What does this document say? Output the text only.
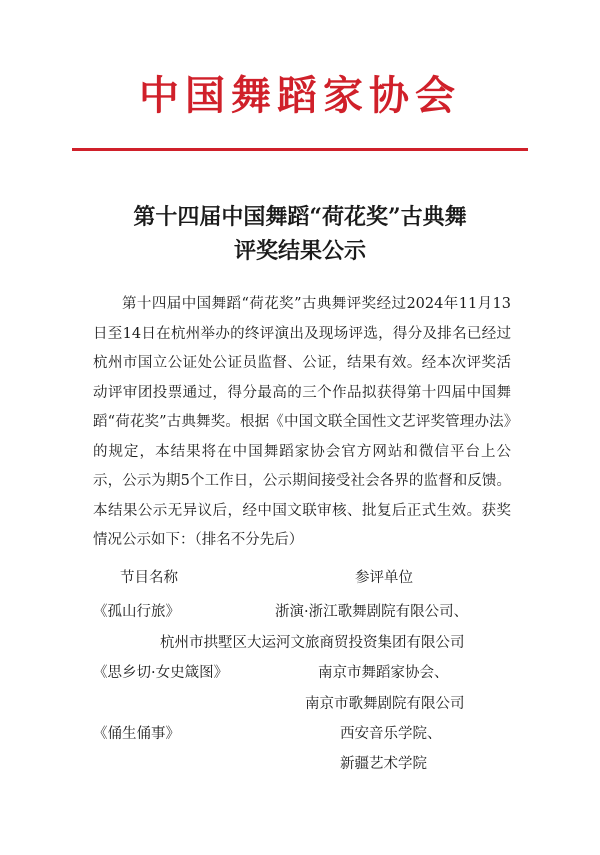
中国舞蹈家协会
第十四届中国舞蹈“荷花奖”古典舞
评奖结果公示
第十四届中国舞蹈“荷花奖”古典舞评奖经过2024年11月13日至14日在杭州举办的终评演出及现场评选，得分及排名已经过杭州市国立公证处公证员监督、公证，结果有效。经本次评奖活动评审团投票通过，得分最高的三个作品拟获得第十四届中国舞蹈“荷花奖”古典舞奖。根据《中国文联全国性文艺评奖管理办法》的规定，本结果将在中国舞蹈家协会官方网站和微信平台上公示，公示为期5个工作日，公示期间接受社会各界的监督和反馈。本结果公示无异议后，经中国文联审核、批复后正式生效。获奖情况公示如下：（排名不分先后）
节目名称	参评单位
《孤山行旅》	浙演·浙江歌舞剧院有限公司、
杭州市拱墅区大运河文旅商贸投资集团有限公司
《思乡切·女史箴图》	南京市舞蹈家协会、
南京市歌舞剧院有限公司
《俑生俑事》	西安音乐学院、
新疆艺术学院
